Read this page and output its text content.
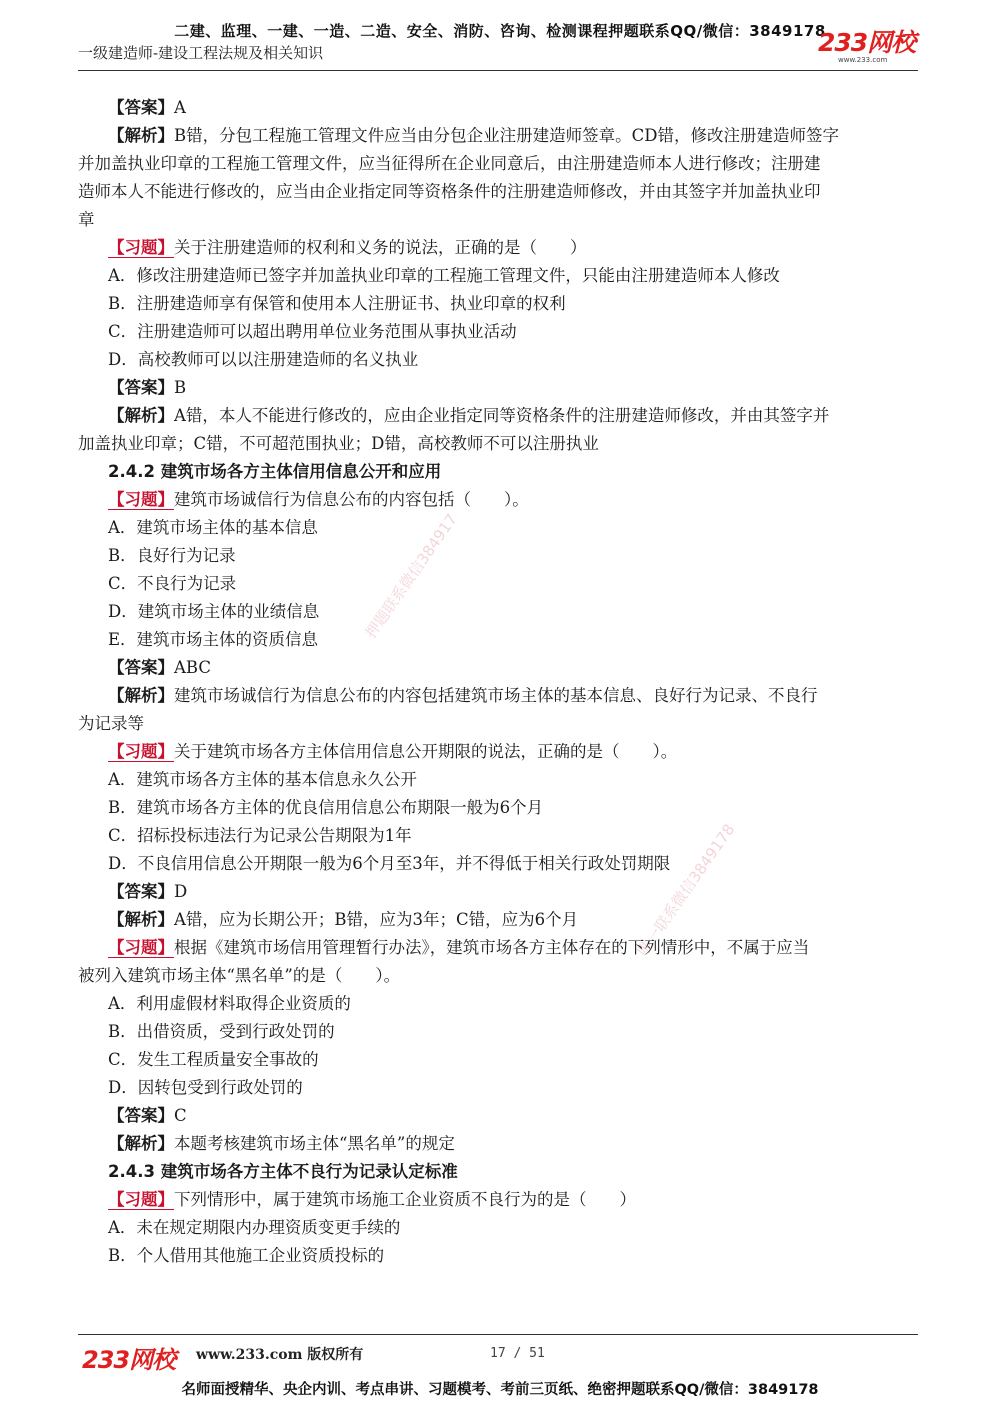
二建、监理、一建、一造、二造、安全、消防、咨询、检测课程押题联系QQ/微信：3849178
一级建造师-建设工程法规及相关知识	233网校
www.233.com
【答案】A
【解析】B错，分包工程施工管理文件应当由分包企业注册建造师签章。CD错，修改注册建造师签字
并加盖执业印章的工程施工管理文件，应当征得所在企业同意后，由注册建造师本人进行修改；注册建
造师本人不能进行修改的，应当由企业指定同等资格条件的注册建造师修改，并由其签字并加盖执业印
章
【习题】关于注册建造师的权利和义务的说法，正确的是（　　）
A．修改注册建造师已签字并加盖执业印章的工程施工管理文件，只能由注册建造师本人修改
B．注册建造师享有保管和使用本人注册证书、执业印章的权利
C．注册建造师可以超出聘用单位业务范围从事执业活动
D．高校教师可以以注册建造师的名义执业
【答案】B
【解析】A错，本人不能进行修改的，应由企业指定同等资格条件的注册建造师修改，并由其签字并
加盖执业印章；C错，不可超范围执业；D错，高校教师不可以注册执业
2.4.2 建筑市场各方主体信用信息公开和应用
【习题】建筑市场诚信行为信息公布的内容包括（　　）。
A．建筑市场主体的基本信息
B．良好行为记录
C．不良行为记录
D．建筑市场主体的业绩信息
E．建筑市场主体的资质信息
【答案】ABC
【解析】建筑市场诚信行为信息公布的内容包括建筑市场主体的基本信息、良好行为记录、不良行
为记录等
【习题】关于建筑市场各方主体信用信息公开期限的说法，正确的是（　　）。
A．建筑市场各方主体的基本信息永久公开
B．建筑市场各方主体的优良信用信息公布期限一般为6个月
C．招标投标违法行为记录公告期限为1年
D．不良信用信息公开期限一般为6个月至3年，并不得低于相关行政处罚期限
【答案】D
【解析】A错，应为长期公开；B错，应为3年；C错，应为6个月
【习题】根据《建筑市场信用管理暂行办法》，建筑市场各方主体存在的下列情形中，不属于应当
被列入建筑市场主体“黑名单”的是（　　）。
A．利用虚假材料取得企业资质的
B．出借资质，受到行政处罚的
C．发生工程质量安全事故的
D．因转包受到行政处罚的
【答案】C
【解析】本题考核建筑市场主体“黑名单”的规定
2.4.3 建筑市场各方主体不良行为记录认定标准
【习题】下列情形中，属于建筑市场施工企业资质不良行为的是（　　）
A．未在规定期限内办理资质变更手续的
B．个人借用其他施工企业资质投标的
押题联系微信384917
唯一联系微信3849178
233网校 www.233.com 版权所有	17 / 51
名师面授精华、央企内训、考点串讲、习题模考、考前三页纸、绝密押题联系QQ/微信：3849178
